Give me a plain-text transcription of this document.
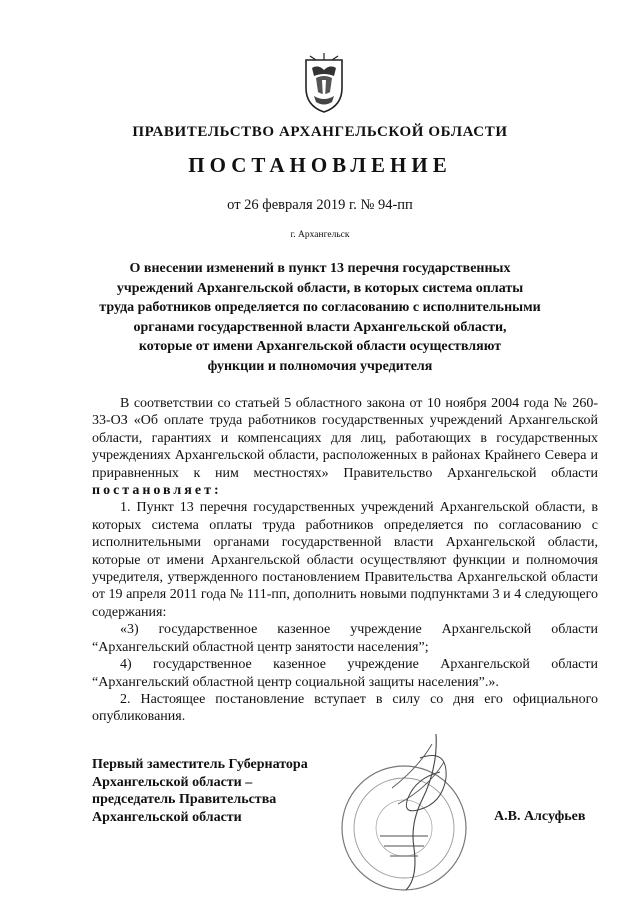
ПРАВИТЕЛЬСТВО АРХАНГЕЛЬСКОЙ ОБЛАСТИ
ПОСТАНОВЛЕНИЕ
от 26 февраля 2019 г. № 94-пп
г. Архангельск
О внесении изменений в пункт 13 перечня государственных
учреждений Архангельской области, в которых система оплаты
труда работников определяется по согласованию с исполнительными
органами государственной власти Архангельской области,
которые от имени Архангельской области осуществляют
функции и полномочия учредителя

В соответствии со статьей 5 областного закона от 10 ноября 2004 года № 260-33-ОЗ «Об оплате труда работников государственных учреждений Архангельской области, гарантиях и компенсациях для лиц, работающих в государственных учреждениях Архангельской области, расположенных в районах Крайнего Севера и приравненных к ним местностях» Правительство Архангельской области постановляет:

1. Пункт 13 перечня государственных учреждений Архангельской области, в которых система оплаты труда работников определяется по согласованию с исполнительными органами государственной власти Архангельской области, которые от имени Архангельской области осуществляют функции и полномочия учредителя, утвержденного постановлением Правительства Архангельской области от 19 апреля 2011 года № 111-пп, дополнить новыми подпунктами 3 и 4 следующего содержания:

«3) государственное казенное учреждение Архангельской области “Архангельский областной центр занятости населения”;

4) государственное казенное учреждение Архангельской области “Архангельский областной центр социальной защиты населения”.».

2. Настоящее постановление вступает в силу со дня его официального опубликования.

Первый заместитель Губернатора
Архангельской области –
председатель Правительства
Архангельской области	А.В. Алсуфьев
